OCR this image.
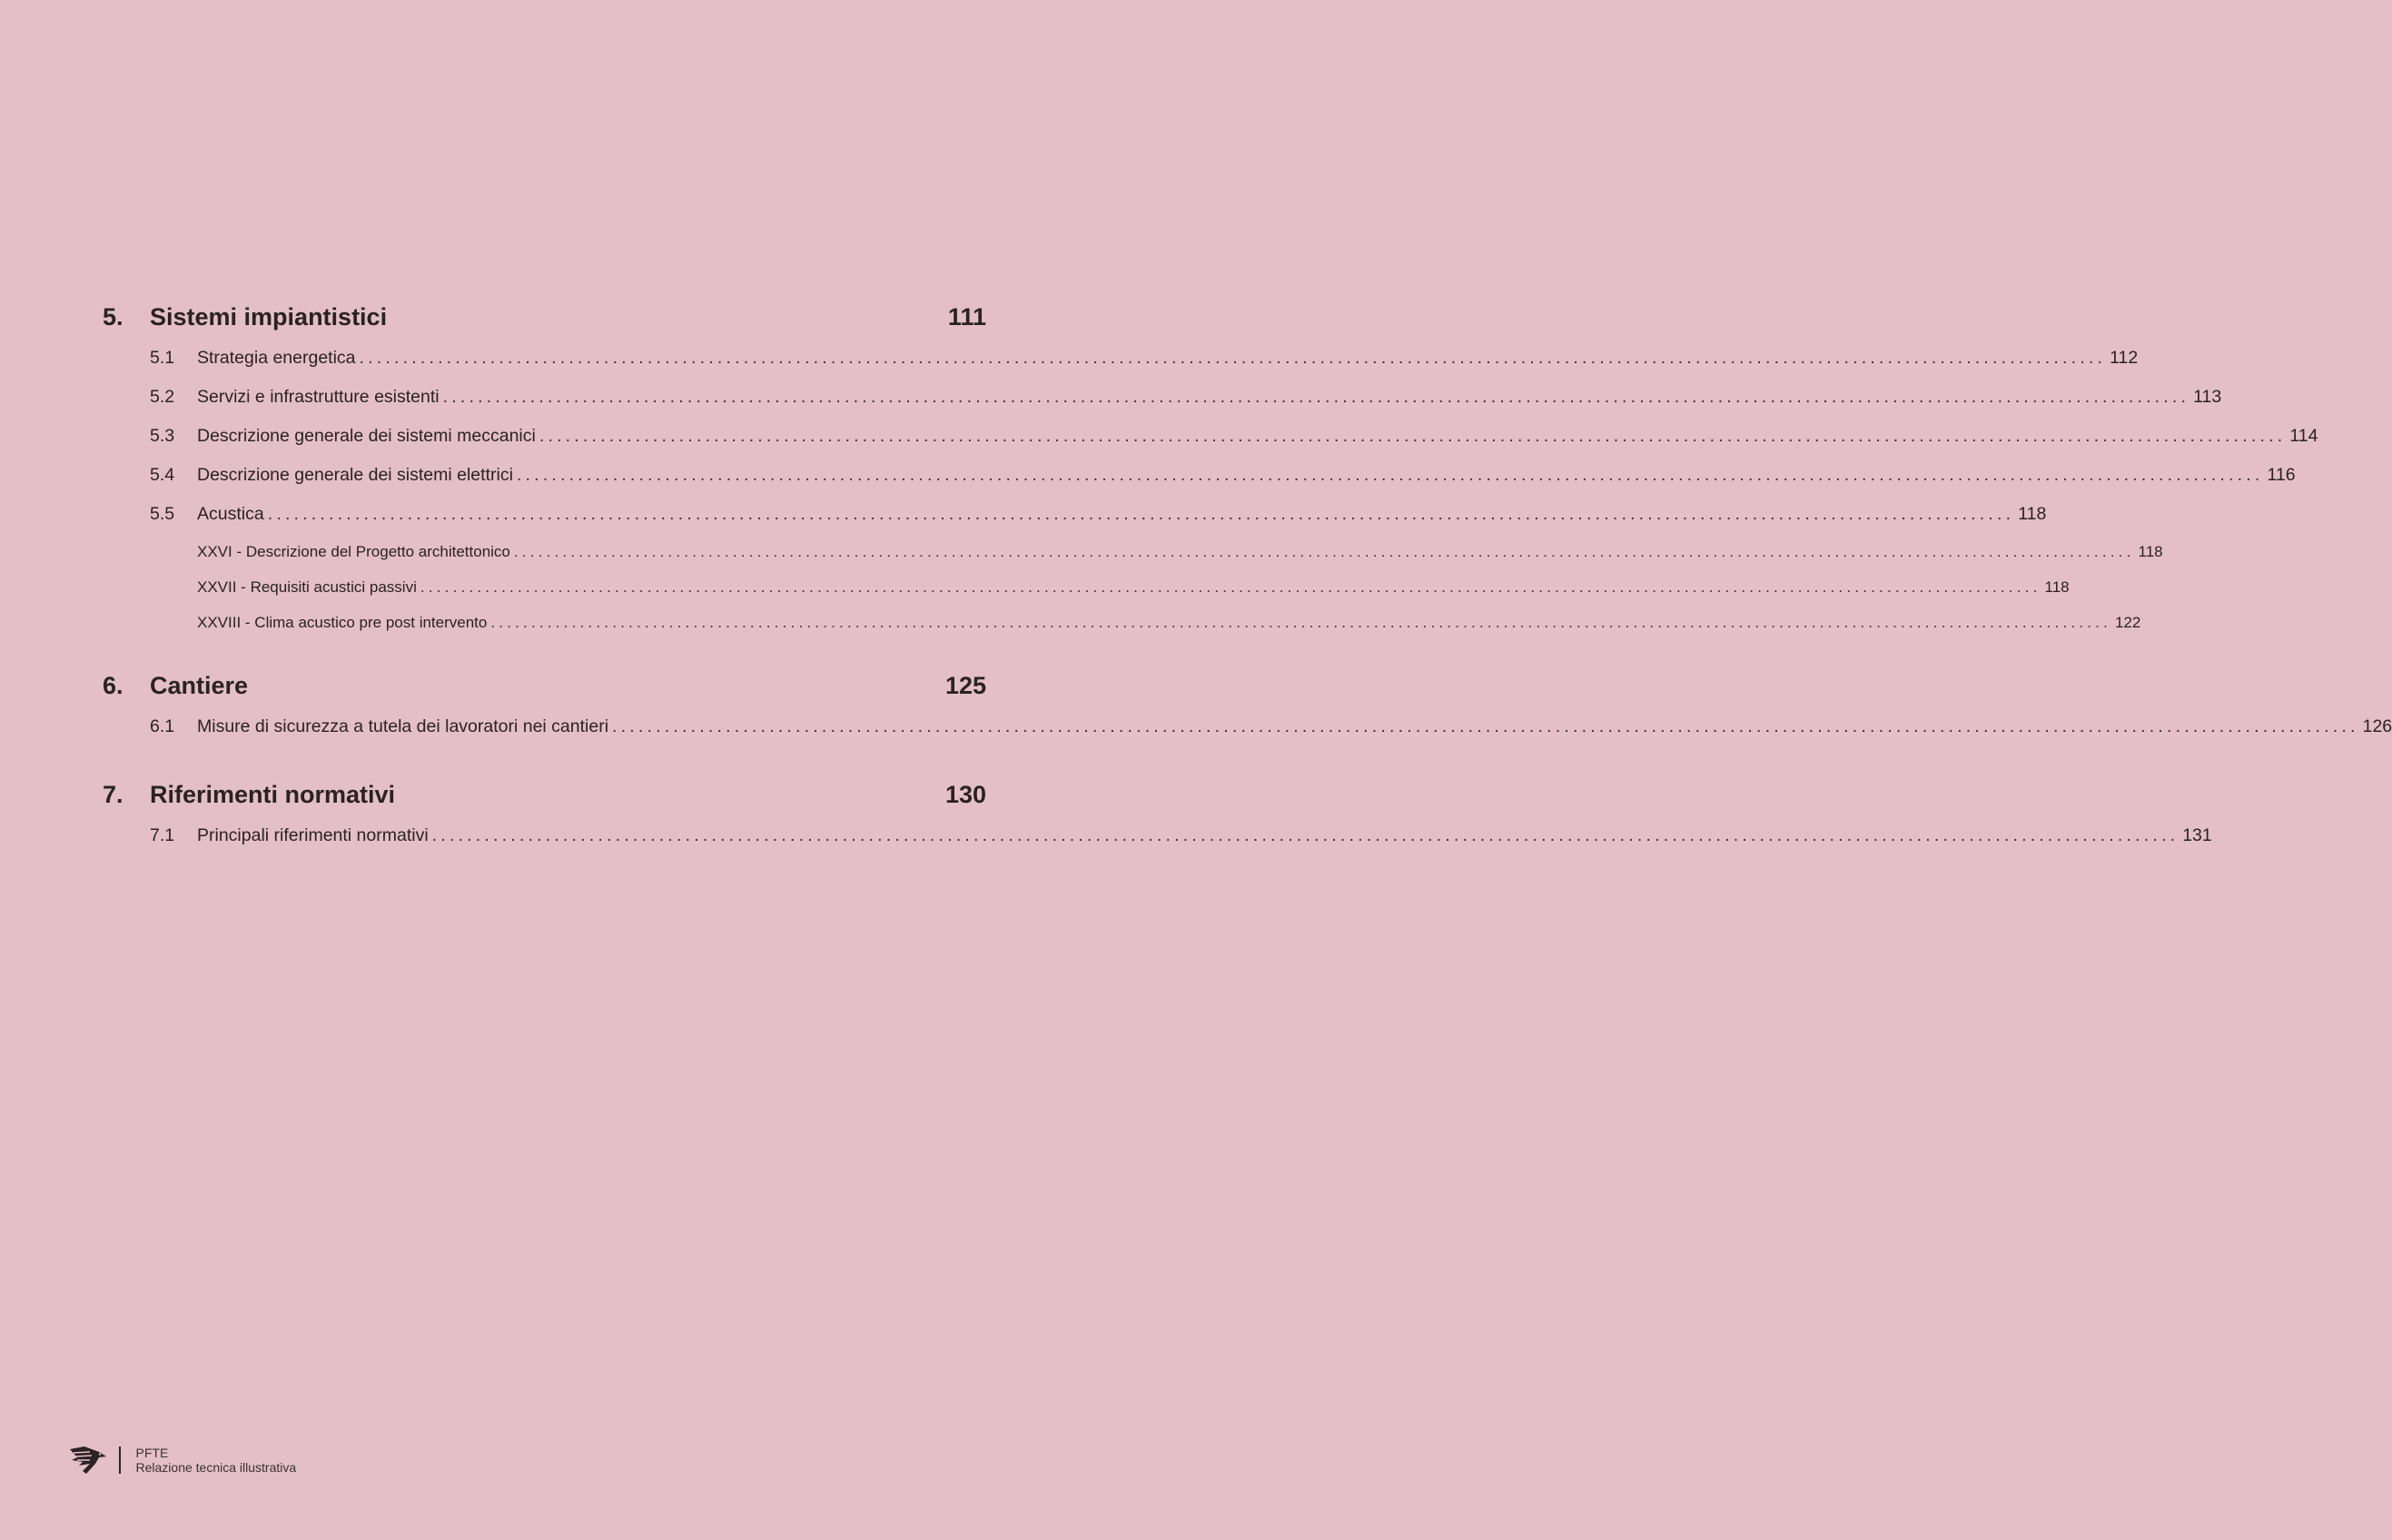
5.	Sistemi impiantistici	111
5.1	Strategia energetica ........................................................................................................................................................................................................ 112
5.2	Servizi e infrastrutture esistenti ........................................................................................................................................................................................................ 113
5.3	Descrizione generale dei sistemi meccanici ........................................................................................................................................................................................................ 114
5.4	Descrizione generale dei sistemi elettrici ........................................................................................................................................................................................................ 116
5.5	Acustica ........................................................................................................................................................................................................ 118
XXVI - Descrizione del Progetto architettonico ........................................................................................................................................................................................................ 118
XXVII - Requisiti acustici passivi ........................................................................................................................................................................................................ 118
XXVIII - Clima acustico pre post intervento ........................................................................................................................................................................................................ 122
6.	Cantiere	125
6.1	Misure di sicurezza a tutela dei lavoratori nei cantieri ........................................................................................................................................................................................................ 126
7.	Riferimenti normativi	130
7.1	Principali riferimenti normativi ........................................................................................................................................................................................................ 131
PFTE
Relazione tecnica illustrativa
